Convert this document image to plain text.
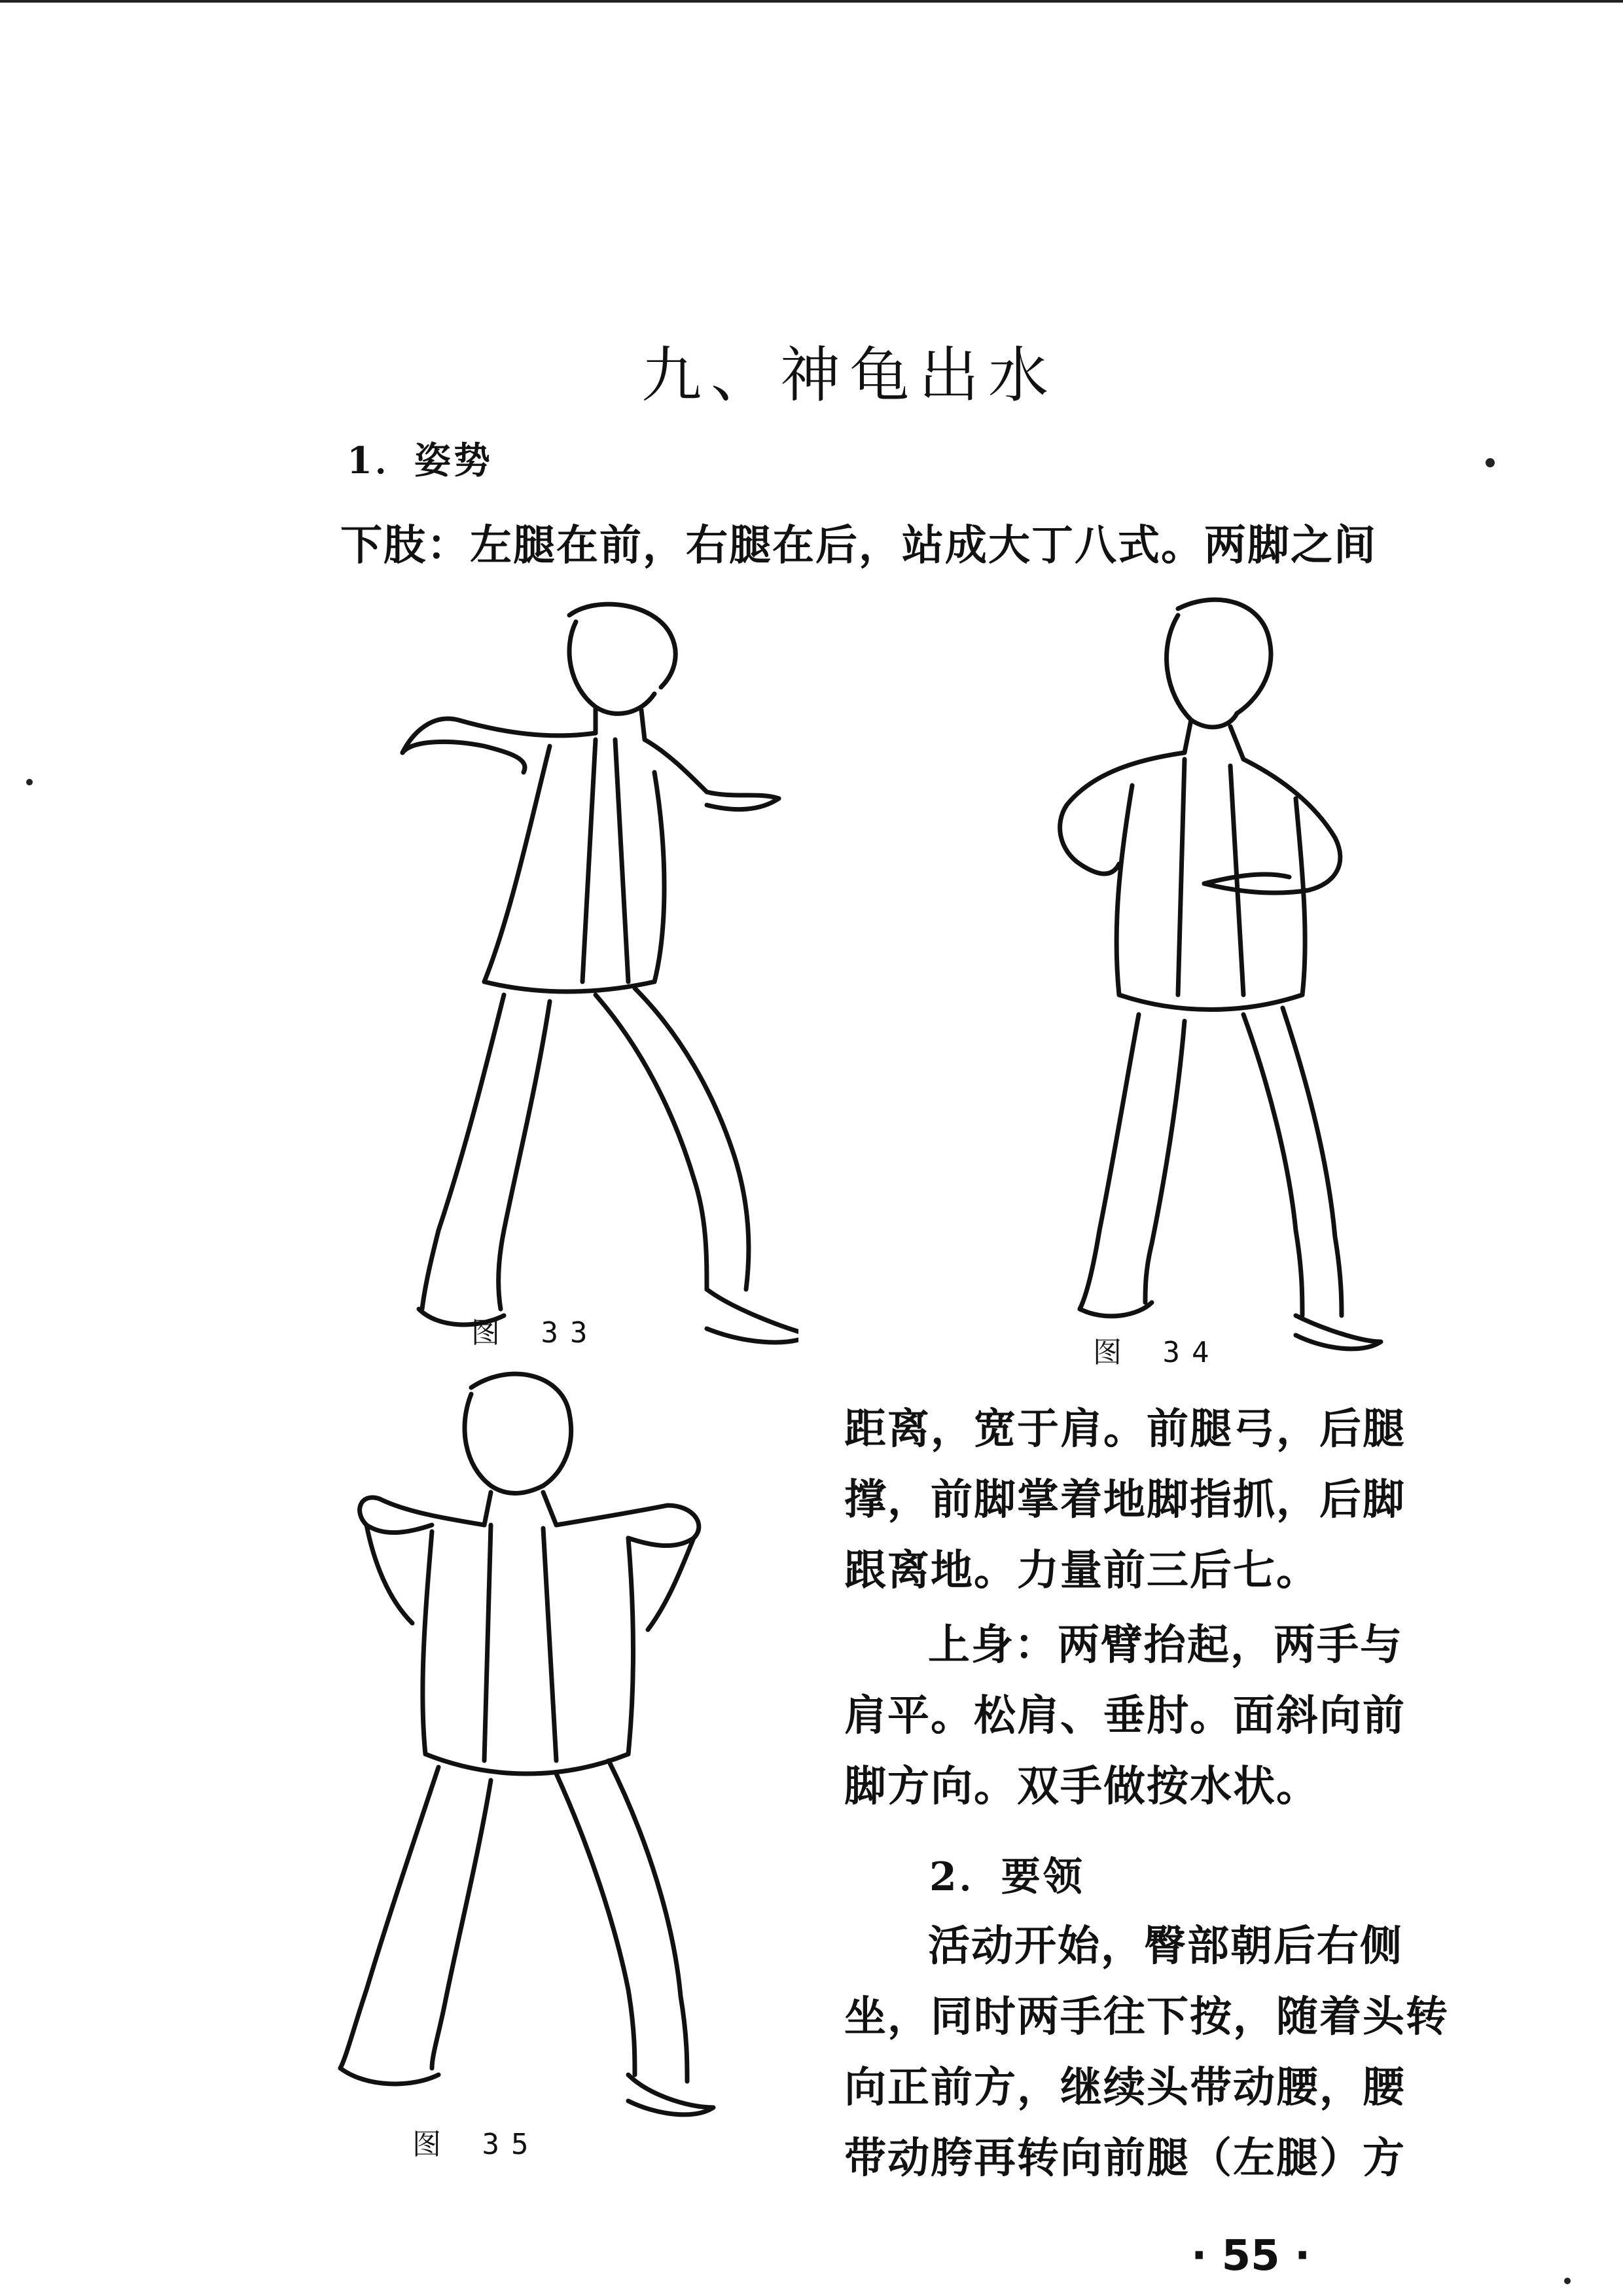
九、神龟出水
1．姿势
下肢：左腿在前，右腿在后，站成大丁八式。两脚之间
图 33
图 34
图 35
距离，宽于肩。前腿弓，后腿
撑，前脚掌着地脚指抓，后脚
跟离地。力量前三后七。
上身：两臂抬起，两手与
肩平。松肩、垂肘。面斜向前
脚方向。双手做按水状。
2．要领
活动开始，臀部朝后右侧
坐，同时两手往下按，随着头转
向正前方，继续头带动腰，腰
带动胯再转向前腿（左腿）方
· 55 ·
